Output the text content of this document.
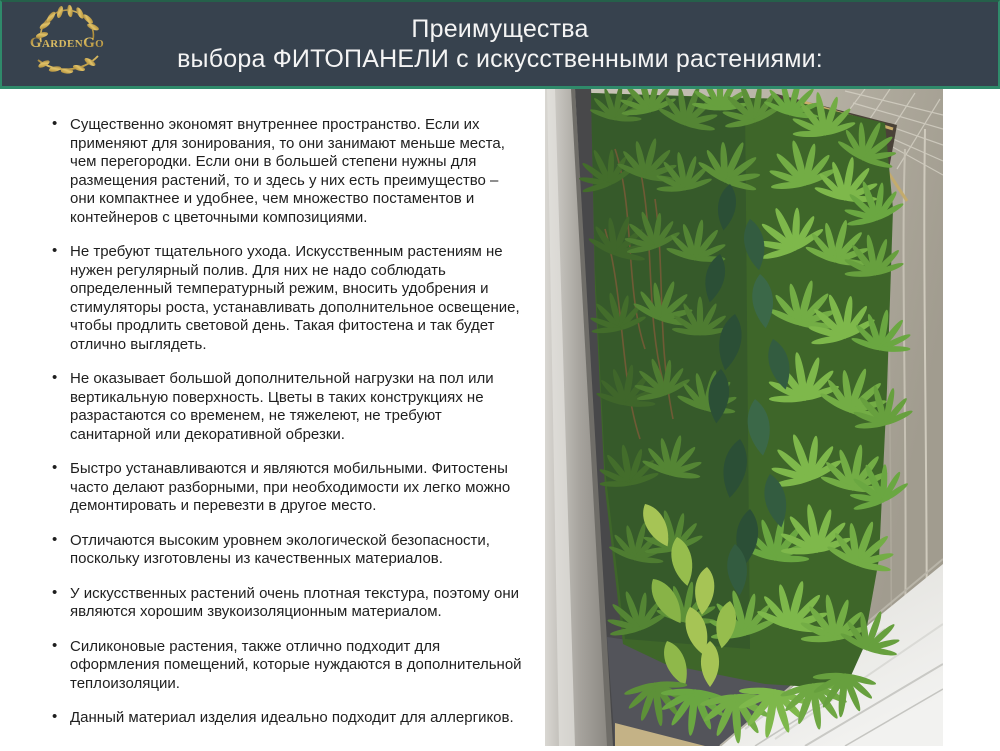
GardenGo	Преимущества
выбора ФИТОПАНЕЛИ с искусственными растениями:
• Существенно экономят внутреннее пространство. Если их применяют для зонирования, то они занимают меньше места, чем перегородки. Если они в большей степени нужны для размещения растений, то и здесь у них есть преимущество – они компактнее и удобнее, чем множество постаментов и контейнеров с цветочными композициями.
• Не требуют тщательного ухода. Искусственным растениям не нужен регулярный полив. Для них не надо соблюдать определенный температурный режим, вносить удобрения и стимуляторы роста, устанавливать дополнительное освещение, чтобы продлить световой день. Такая фитостена и так будет отлично выглядеть.
• Не оказывает большой дополнительной нагрузки на пол или вертикальную поверхность. Цветы в таких конструкциях не разрастаются со временем, не тяжелеют, не требуют санитарной или декоративной обрезки.
• Быстро устанавливаются и являются мобильными. Фитостены часто делают разборными, при необходимости их легко можно демонтировать и перевезти в другое место.
• Отличаются высоким уровнем экологической безопасности, поскольку изготовлены из качественных материалов.
• У искусственных растений очень плотная текстура, поэтому они являются хорошим звукоизоляционным материалом.
• Силиконовые растения, также отлично подходит для оформления помещений, которые нуждаются в дополнительной теплоизоляции.
• Данный материал изделия идеально подходит для аллергиков.
